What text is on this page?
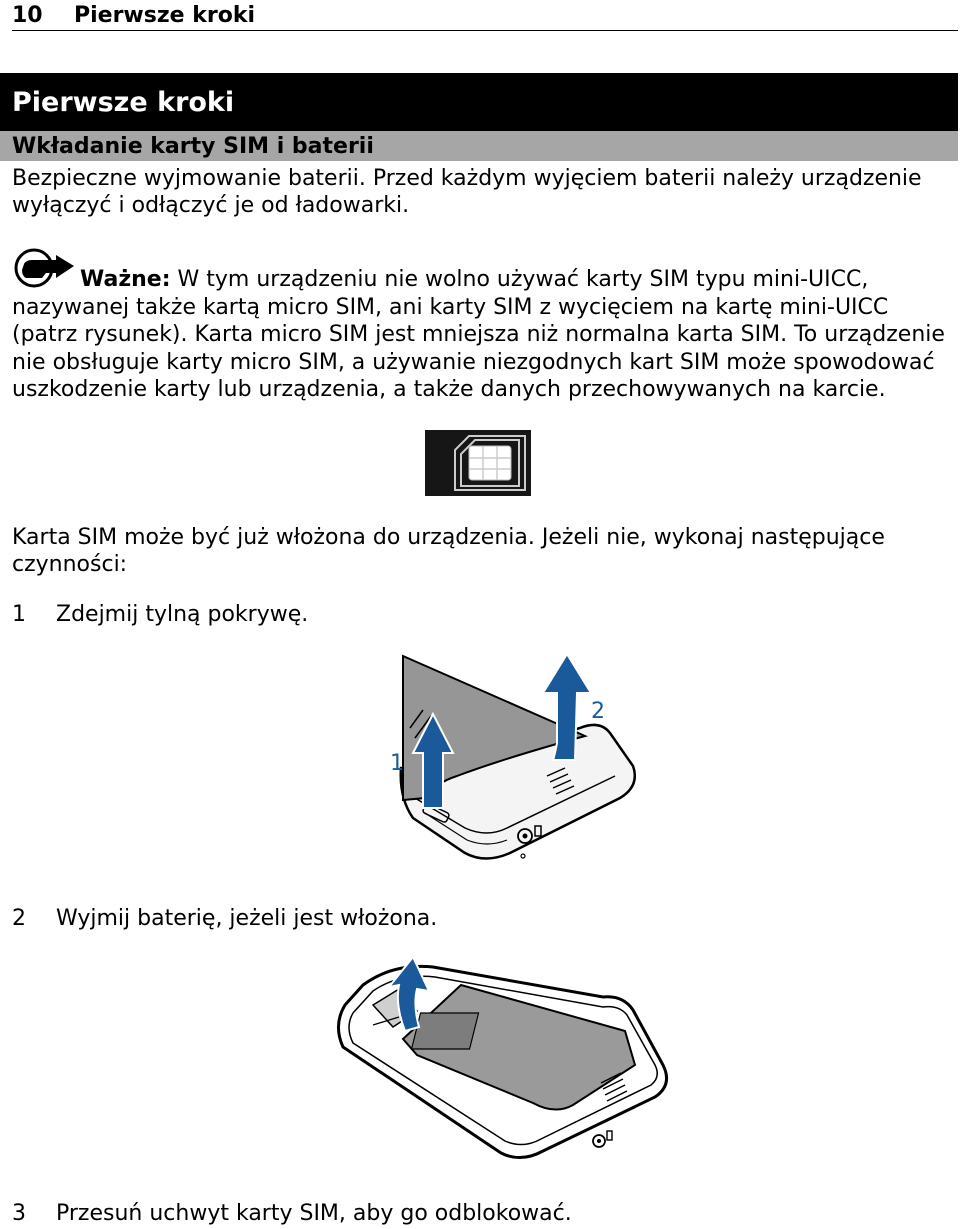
10	Pierwsze kroki
Pierwsze kroki
Wkładanie karty SIM i baterii

Bezpieczne wyjmowanie baterii. Przed każdym wyjęciem baterii należy urządzenie wyłączyć i odłączyć je od ładowarki.

Ważne: W tym urządzeniu nie wolno używać karty SIM typu mini-UICC, nazywanej także kartą micro SIM, ani karty SIM z wycięciem na kartę mini-UICC (patrz rysunek). Karta micro SIM jest mniejsza niż normalna karta SIM. To urządzenie nie obsługuje karty micro SIM, a używanie niezgodnych kart SIM może spowodować uszkodzenie karty lub urządzenia, a także danych przechowywanych na karcie.

Karta SIM może być już włożona do urządzenia. Jeżeli nie, wykonaj następujące czynności:

1	Zdejmij tylną pokrywę.
1
2
2	Wyjmij baterię, jeżeli jest włożona.
3	Przesuń uchwyt karty SIM, aby go odblokować.
